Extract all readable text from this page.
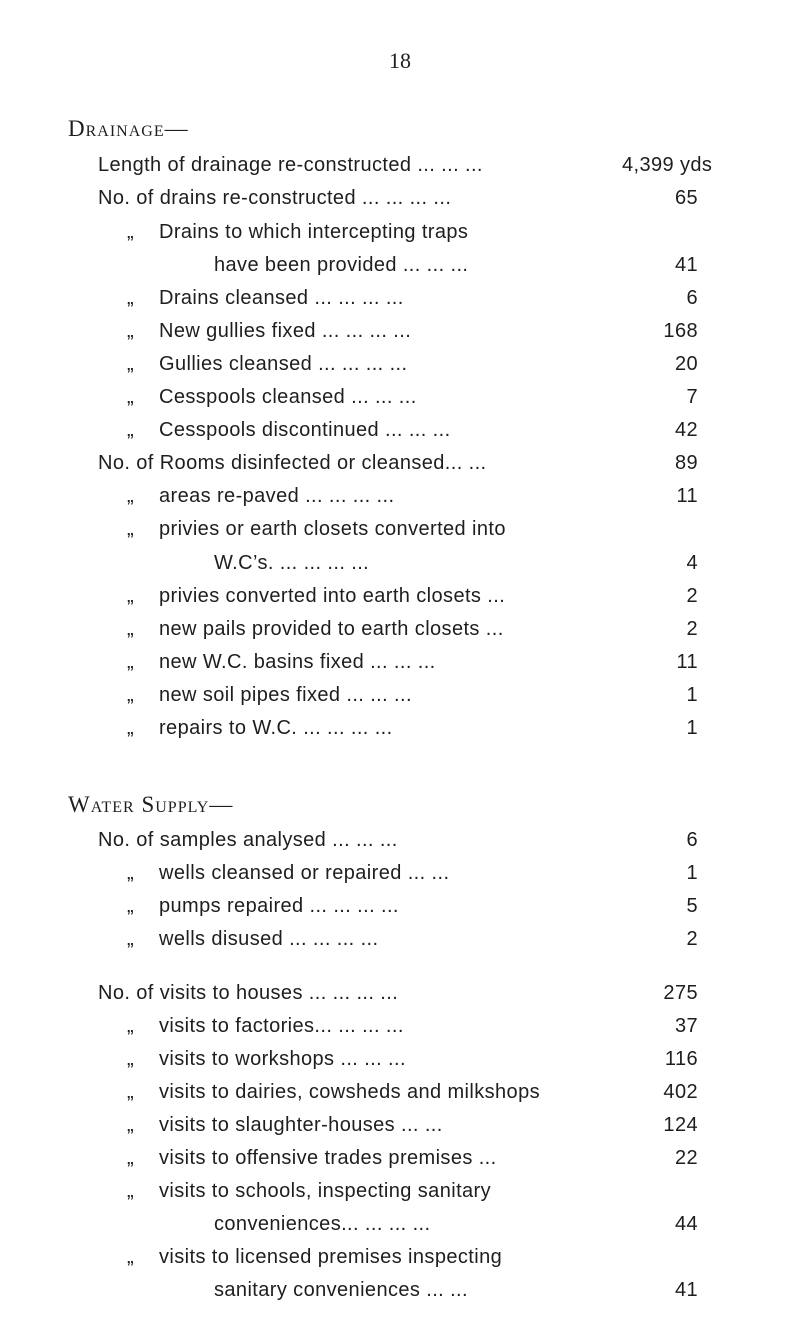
18
Drainage—
Length of drainage re-constructed ... ... ...	4,399 yds
No. of drains re-constructed ... ... ... ...	65
„ Drains to which intercepting traps
have been provided ... ... ...	41
„ Drains cleansed ... ... ... ...	6
„ New gullies fixed ... ... ... ...	168
„ Gullies cleansed ... ... ... ...	20
„ Cesspools cleansed ... ... ...	7
„ Cesspools discontinued ... ... ...	42
No. of Rooms disinfected or cleansed... ...	89
„ areas re-paved ... ... ... ...	11
„ privies or earth closets converted into
W.C’s. ... ... ... ...	4
„ privies converted into earth closets ...	2
„ new pails provided to earth closets ...	2
„ new W.C. basins fixed ... ... ...	11
„ new soil pipes fixed ... ... ...	1
„ repairs to W.C. ... ... ... ...	1
Water Supply—
No. of samples analysed ... ... ...	6
„ wells cleansed or repaired ... ...	1
„ pumps repaired ... ... ... ...	5
„ wells disused ... ... ... ...	2
No. of visits to houses ... ... ... ...	275
„ visits to factories... ... ... ...	37
„ visits to workshops ... ... ...	116
„ visits to dairies, cowsheds and milkshops	402
„ visits to slaughter-houses ... ...	124
„ visits to offensive trades premises ...	22
„ visits to schools, inspecting sanitary
conveniences... ... ... ...	44
„ visits to licensed premises inspecting
sanitary conveniences ... ...	41
